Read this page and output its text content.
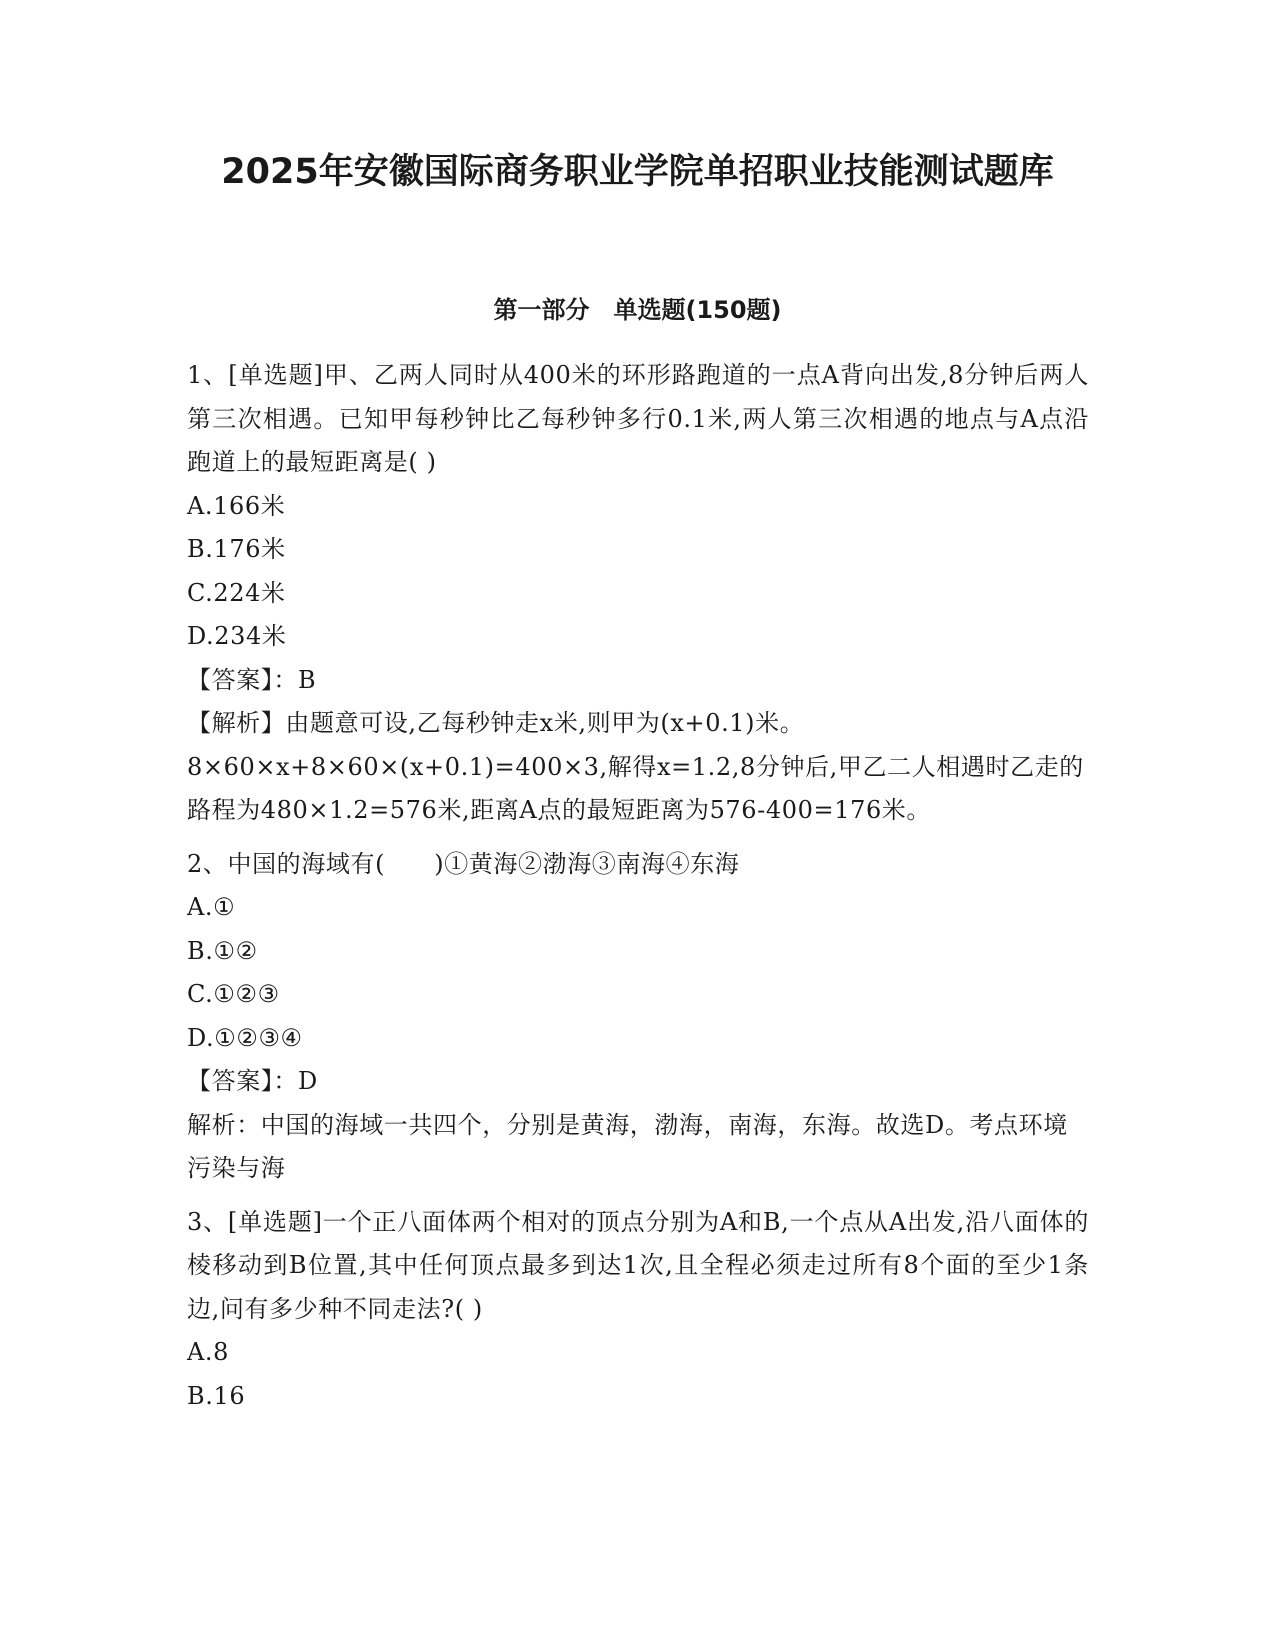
2025年安徽国际商务职业学院单招职业技能测试题库
第一部分　单选题(150题)

1、[单选题]甲、乙两人同时从400米的环形路跑道的一点A背向出发,8分钟后两人第三次相遇。已知甲每秒钟比乙每秒钟多行0.1米,两人第三次相遇的地点与A点沿跑道上的最短距离是( )

A.166米

B.176米

C.224米

D.234米

【答案】：B

【解析】由题意可设,乙每秒钟走x米,则甲为(x+0.1)米。
8×60×x+8×60×(x+0.1)=400×3,解得x=1.2,8分钟后,甲乙二人相遇时乙走的路程为480×1.2=576米,距离A点的最短距离为576-400=176米。

2、中国的海域有(　　)①黄海②渤海③南海④东海

A.①

B.①②

C.①②③

D.①②③④

【答案】：D

解析：中国的海域一共四个，分别是黄海，渤海，南海，东海。故选D。考点环境污染与海

3、[单选题]一个正八面体两个相对的顶点分别为A和B,一个点从A出发,沿八面体的棱移动到B位置,其中任何顶点最多到达1次,且全程必须走过所有8个面的至少1条边,问有多少种不同走法?( )

A.8

B.16
